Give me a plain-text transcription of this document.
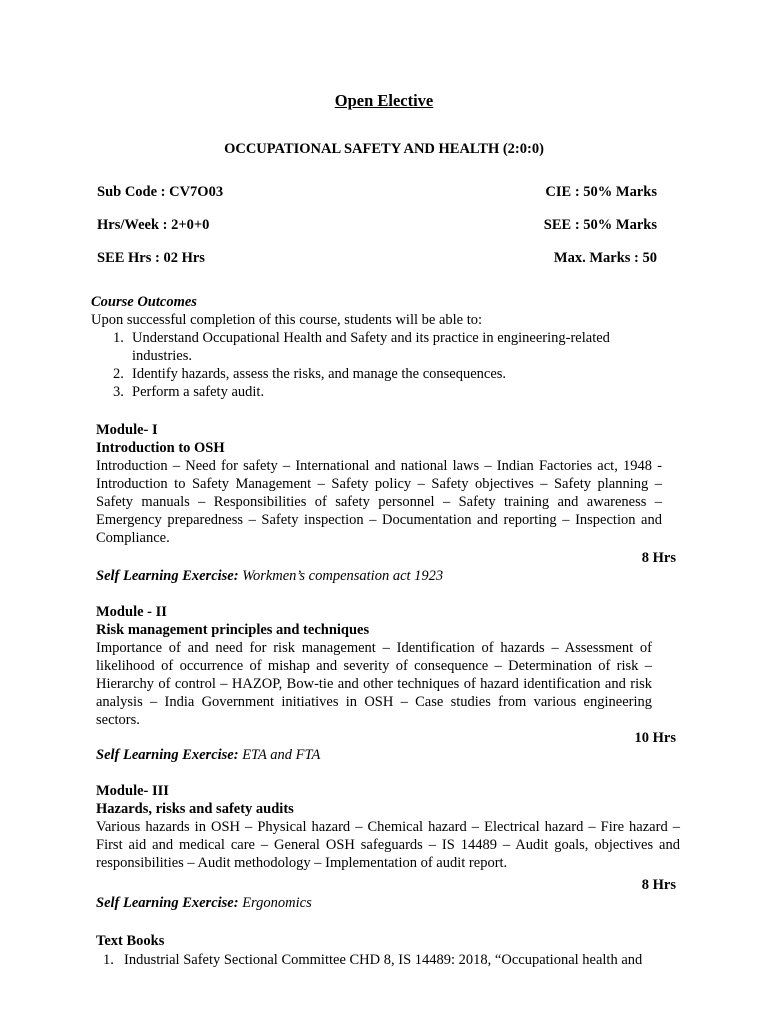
Open Elective
OCCUPATIONAL SAFETY AND HEALTH (2:0:0)
Sub Code : CV7O03	CIE : 50% Marks
Hrs/Week : 2+0+0	SEE : 50% Marks
SEE Hrs : 02 Hrs	Max. Marks : 50
Course Outcomes
Upon successful completion of this course, students will be able to:
1. Understand Occupational Health and Safety and its practice in engineering-related industries.
2. Identify hazards, assess the risks, and manage the consequences.
3. Perform a safety audit.
Module- I
Introduction to OSH
Introduction – Need for safety – International and national laws – Indian Factories act, 1948 - Introduction to Safety Management – Safety policy – Safety objectives – Safety planning – Safety manuals – Responsibilities of safety personnel – Safety training and awareness – Emergency preparedness – Safety inspection – Documentation and reporting – Inspection and Compliance.
8 Hrs
Self Learning Exercise: Workmen’s compensation act 1923
Module - II
Risk management principles and techniques
Importance of and need for risk management – Identification of hazards – Assessment of likelihood of occurrence of mishap and severity of consequence – Determination of risk – Hierarchy of control – HAZOP, Bow-tie and other techniques of hazard identification and risk analysis – India Government initiatives in OSH – Case studies from various engineering sectors.
10 Hrs
Self Learning Exercise: ETA and FTA
Module- III
Hazards, risks and safety audits
Various hazards in OSH – Physical hazard – Chemical hazard – Electrical hazard – Fire hazard – First aid and medical care – General OSH safeguards – IS 14489 – Audit goals, objectives and responsibilities – Audit methodology – Implementation of audit report.
8 Hrs
Self Learning Exercise: Ergonomics
Text Books
1. Industrial Safety Sectional Committee CHD 8, IS 14489: 2018, “Occupational health and
